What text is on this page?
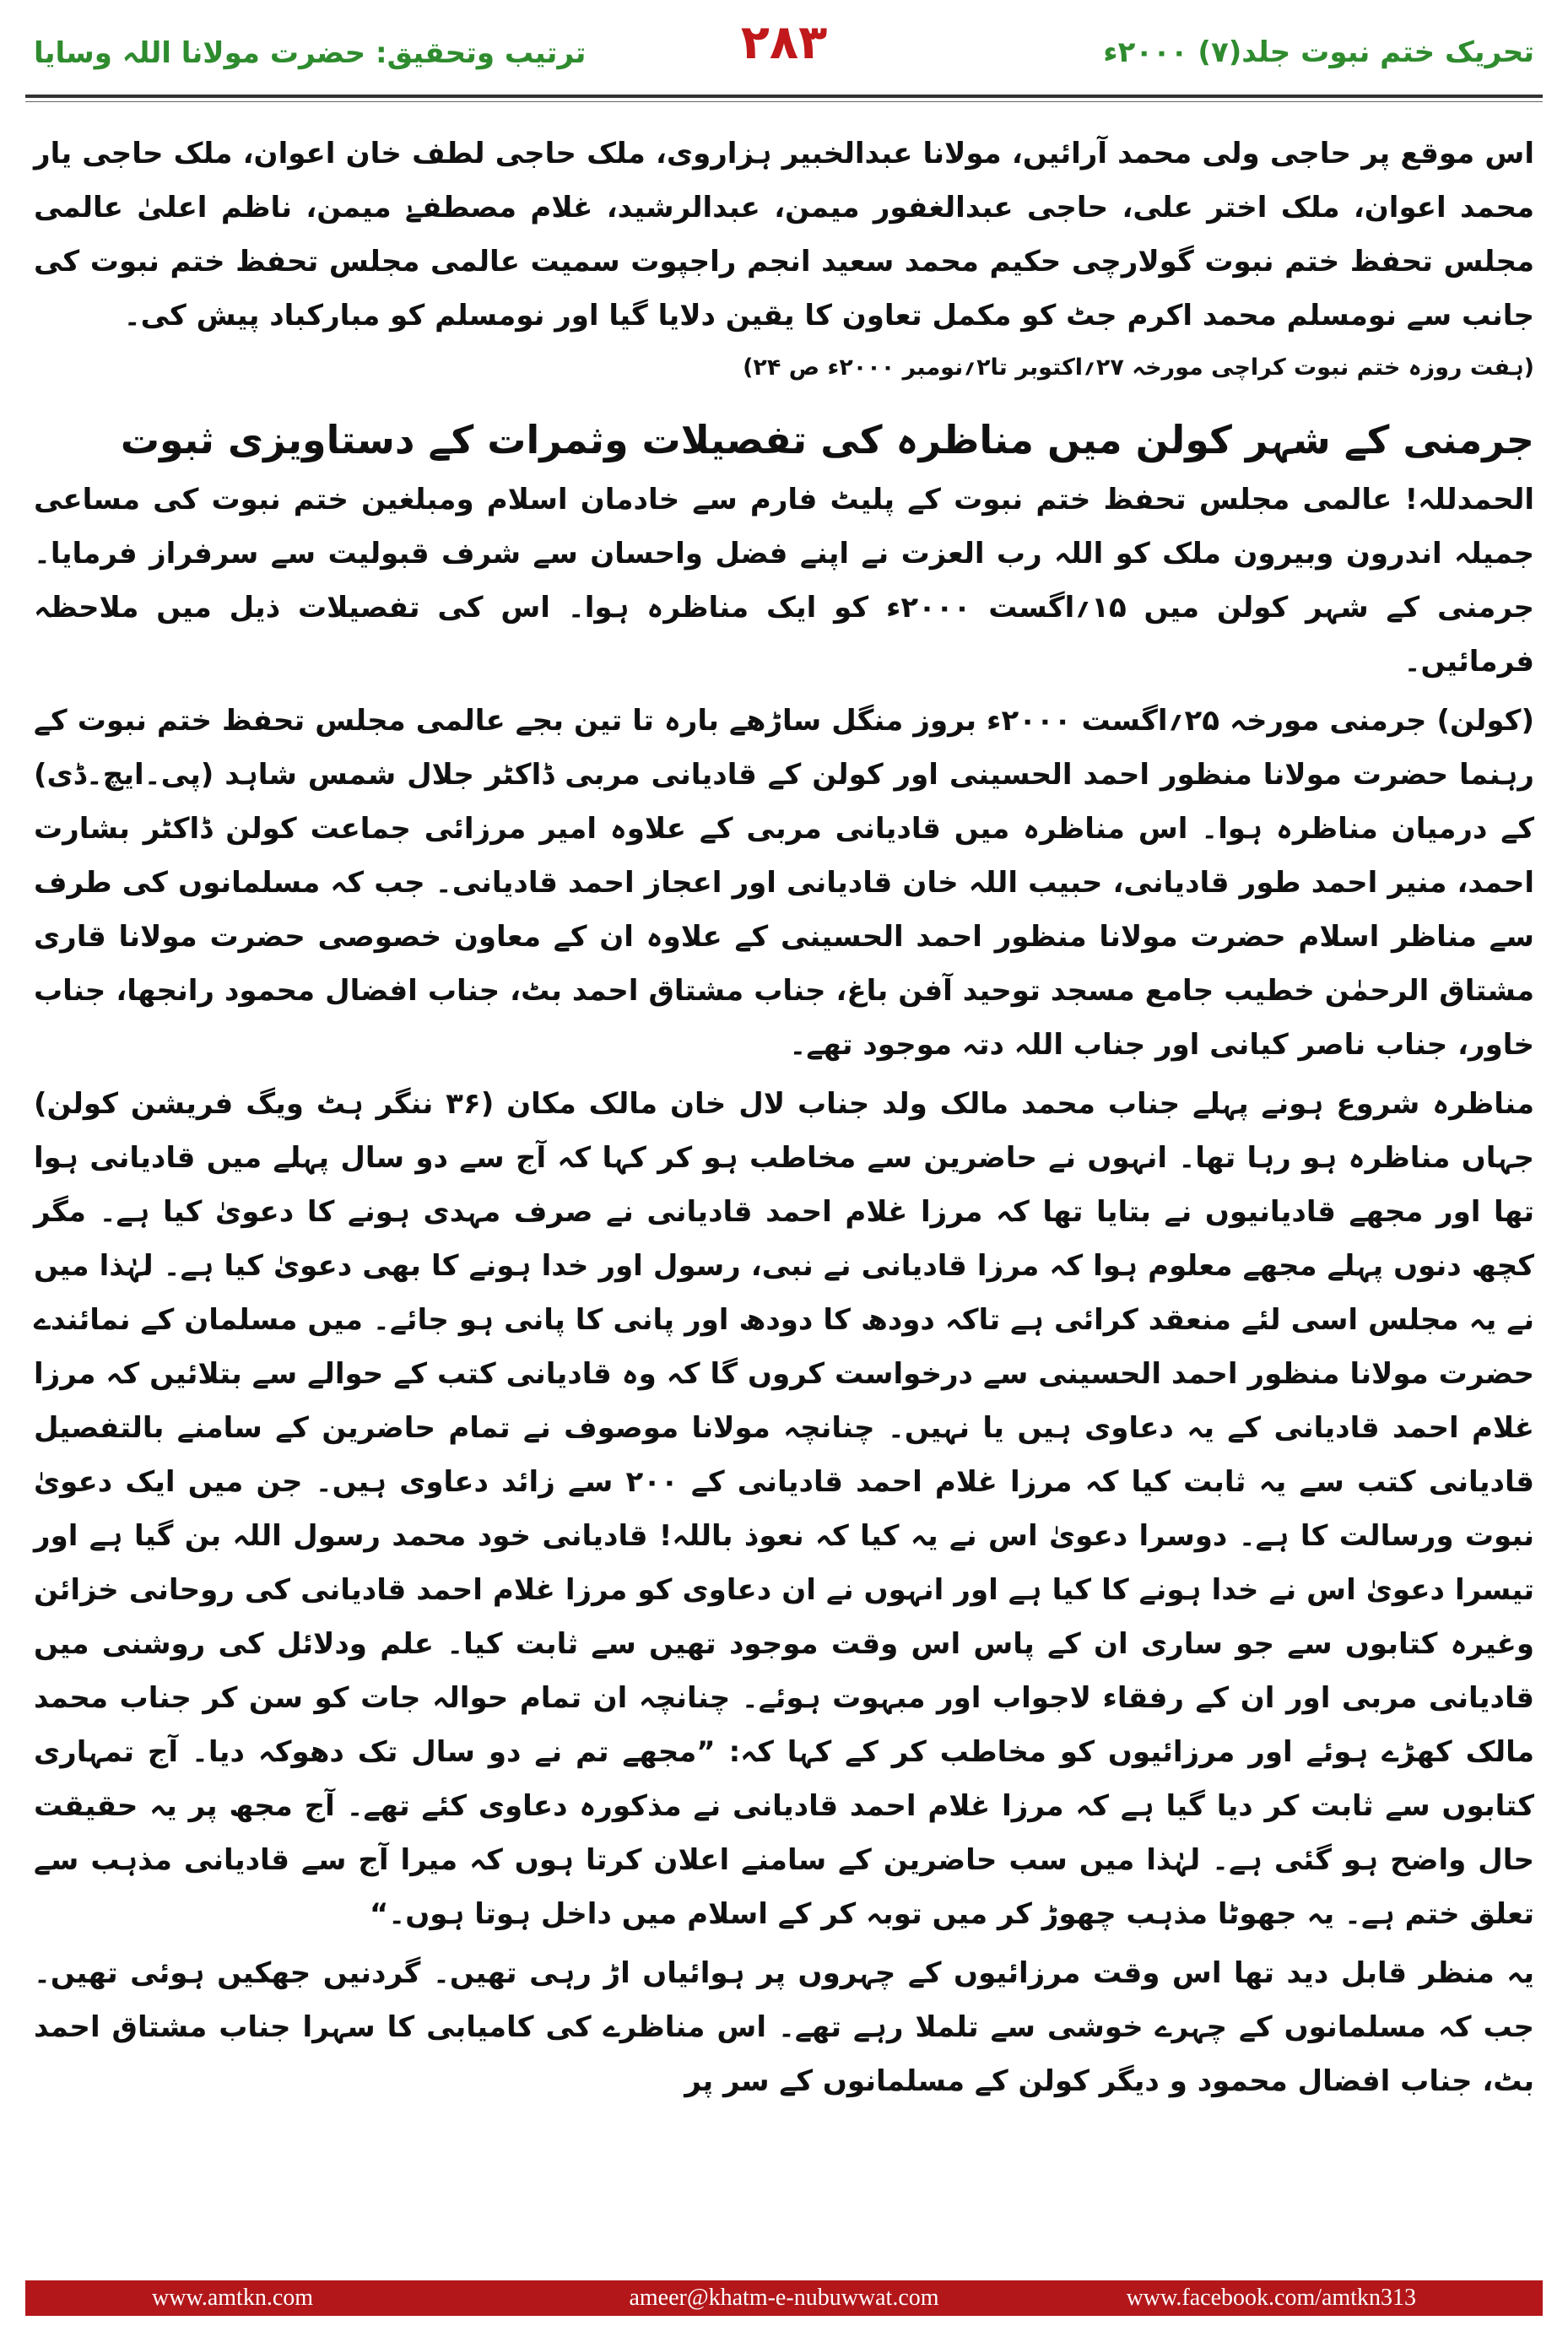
ترتیب وتحقیق: حضرت مولانا اللہ وسایا	۲۸۳	تحریک ختم نبوت جلد(۷) ۲۰۰۰ء

اس موقع پر حاجی ولی محمد آرائیں، مولانا عبدالخبیر ہزاروی، ملک حاجی لطف خان اعوان، ملک حاجی یار محمد اعوان، ملک اختر علی، حاجی عبدالغفور میمن، عبدالرشید، غلام مصطفےٰ میمن، ناظم اعلیٰ عالمی مجلس تحفظ ختم نبوت گولارچی حکیم محمد سعید انجم راجپوت سمیت عالمی مجلس تحفظ ختم نبوت کی جانب سے نومسلم محمد اکرم جٹ کو مکمل تعاون کا یقین دلایا گیا اور نومسلم کو مبارکباد پیش کی۔

(ہفت روزہ ختم نبوت کراچی مورخہ ۲۷؍اکتوبر تا۲؍نومبر ۲۰۰۰ء ص ۲۴)

جرمنی کے شہر کولن میں مناظرہ کی تفصیلات وثمرات کے دستاویزی ثبوت

الحمدللہ! عالمی مجلس تحفظ ختم نبوت کے پلیٹ فارم سے خادمان اسلام ومبلغین ختم نبوت کی مساعی جمیلہ اندرون وبیرون ملک کو اللہ رب العزت نے اپنے فضل واحسان سے شرف قبولیت سے سرفراز فرمایا۔ جرمنی کے شہر کولن میں ۱۵؍اگست ۲۰۰۰ء کو ایک مناظرہ ہوا۔ اس کی تفصیلات ذیل میں ملاحظہ فرمائیں۔

(کولن) جرمنی مورخہ ۲۵؍اگست ۲۰۰۰ء بروز منگل ساڑھے بارہ تا تین بجے عالمی مجلس تحفظ ختم نبوت کے رہنما حضرت مولانا منظور احمد الحسینی اور کولن کے قادیانی مربی ڈاکٹر جلال شمس شاہد (پی۔ایچ۔ڈی) کے درمیان مناظرہ ہوا۔ اس مناظرہ میں قادیانی مربی کے علاوہ امیر مرزائی جماعت کولن ڈاکٹر بشارت احمد، منیر احمد طور قادیانی، حبیب اللہ خان قادیانی اور اعجاز احمد قادیانی۔ جب کہ مسلمانوں کی طرف سے مناظر اسلام حضرت مولانا منظور احمد الحسینی کے علاوہ ان کے معاون خصوصی حضرت مولانا قاری مشتاق الرحمٰن خطیب جامع مسجد توحید آفن باغ، جناب مشتاق احمد بٹ، جناب افضال محمود رانجھا، جناب خاور، جناب ناصر کیانی اور جناب اللہ دتہ موجود تھے۔

مناظرہ شروع ہونے پہلے جناب محمد مالک ولد جناب لال خان مالک مکان (۳۶ ننگر ہٹ ویگ فریشن کولن) جہاں مناظرہ ہو رہا تھا۔ انہوں نے حاضرین سے مخاطب ہو کر کہا کہ آج سے دو سال پہلے میں قادیانی ہوا تھا اور مجھے قادیانیوں نے بتایا تھا کہ مرزا غلام احمد قادیانی نے صرف مہدی ہونے کا دعویٰ کیا ہے۔ مگر کچھ دنوں پہلے مجھے معلوم ہوا کہ مرزا قادیانی نے نبی، رسول اور خدا ہونے کا بھی دعویٰ کیا ہے۔ لہٰذا میں نے یہ مجلس اسی لئے منعقد کرائی ہے تاکہ دودھ کا دودھ اور پانی کا پانی ہو جائے۔ میں مسلمان کے نمائندے حضرت مولانا منظور احمد الحسینی سے درخواست کروں گا کہ وہ قادیانی کتب کے حوالے سے بتلائیں کہ مرزا غلام احمد قادیانی کے یہ دعاوی ہیں یا نہیں۔ چنانچہ مولانا موصوف نے تمام حاضرین کے سامنے بالتفصیل قادیانی کتب سے یہ ثابت کیا کہ مرزا غلام احمد قادیانی کے ۲۰۰ سے زائد دعاوی ہیں۔ جن میں ایک دعویٰ نبوت ورسالت کا ہے۔ دوسرا دعویٰ اس نے یہ کیا کہ نعوذ باللہ! قادیانی خود محمد رسول اللہ بن گیا ہے اور تیسرا دعویٰ اس نے خدا ہونے کا کیا ہے اور انہوں نے ان دعاوی کو مرزا غلام احمد قادیانی کی روحانی خزائن وغیرہ کتابوں سے جو ساری ان کے پاس اس وقت موجود تھیں سے ثابت کیا۔ علم ودلائل کی روشنی میں قادیانی مربی اور ان کے رفقاء لاجواب اور مبہوت ہوئے۔ چنانچہ ان تمام حوالہ جات کو سن کر جناب محمد مالک کھڑے ہوئے اور مرزائیوں کو مخاطب کر کے کہا کہ: ”مجھے تم نے دو سال تک دھوکہ دیا۔ آج تمہاری کتابوں سے ثابت کر دیا گیا ہے کہ مرزا غلام احمد قادیانی نے مذکورہ دعاوی کئے تھے۔ آج مجھ پر یہ حقیقت حال واضح ہو گئی ہے۔ لہٰذا میں سب حاضرین کے سامنے اعلان کرتا ہوں کہ میرا آج سے قادیانی مذہب سے تعلق ختم ہے۔ یہ جھوٹا مذہب چھوڑ کر میں توبہ کر کے اسلام میں داخل ہوتا ہوں۔“

یہ منظر قابل دید تھا اس وقت مرزائیوں کے چہروں پر ہوائیاں اڑ رہی تھیں۔ گردنیں جھکیں ہوئی تھیں۔ جب کہ مسلمانوں کے چہرے خوشی سے تلملا رہے تھے۔ اس مناظرے کی کامیابی کا سہرا جناب مشتاق احمد بٹ، جناب افضال محمود و دیگر کولن کے مسلمانوں کے سر پر

www.amtkn.com	ameer@khatm-e-nubuwwat.com	www.facebook.com/amtkn313
